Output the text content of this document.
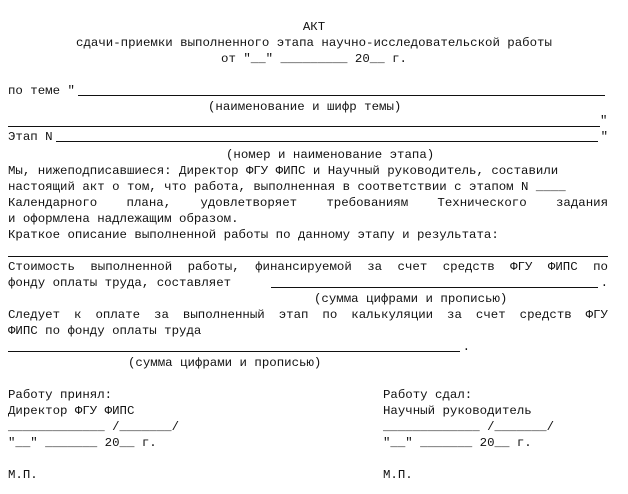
АКТ
сдачи-приемки выполненного этапа научно-исследовательской работы
от "__" _________ 20__ г.
по теме "
(наименование и шифр темы)
"
Этап N	"
(номер и наименование этапа)
Мы, нижеподписавшиеся: Директор ФГУ ФИПС и Научный руководитель, составили
настоящий акт о том, что работа, выполненная в соответствии с этапом N ____
Календарного плана, удовлетворяет требованиям Технического задания
и оформлена надлежащим образом.
Краткое описание выполненной работы по данному этапу и результата:
Стоимость выполненной работы, финансируемой за счет средств ФГУ ФИПС по
фонду оплаты труда, составляет	.
(сумма цифрами и прописью)
Следует к оплате за выполненный этап по калькуляции за счет средств ФГУ
ФИПС по фонду оплаты труда
.
(сумма цифрами и прописью)
Работу принял:
Директор ФГУ ФИПС
_____________ /_______/
"__" _______ 20__ г.
М.П.
Работу сдал:
Научный руководитель
_____________ /_______/
"__" _______ 20__ г.
М.П.
